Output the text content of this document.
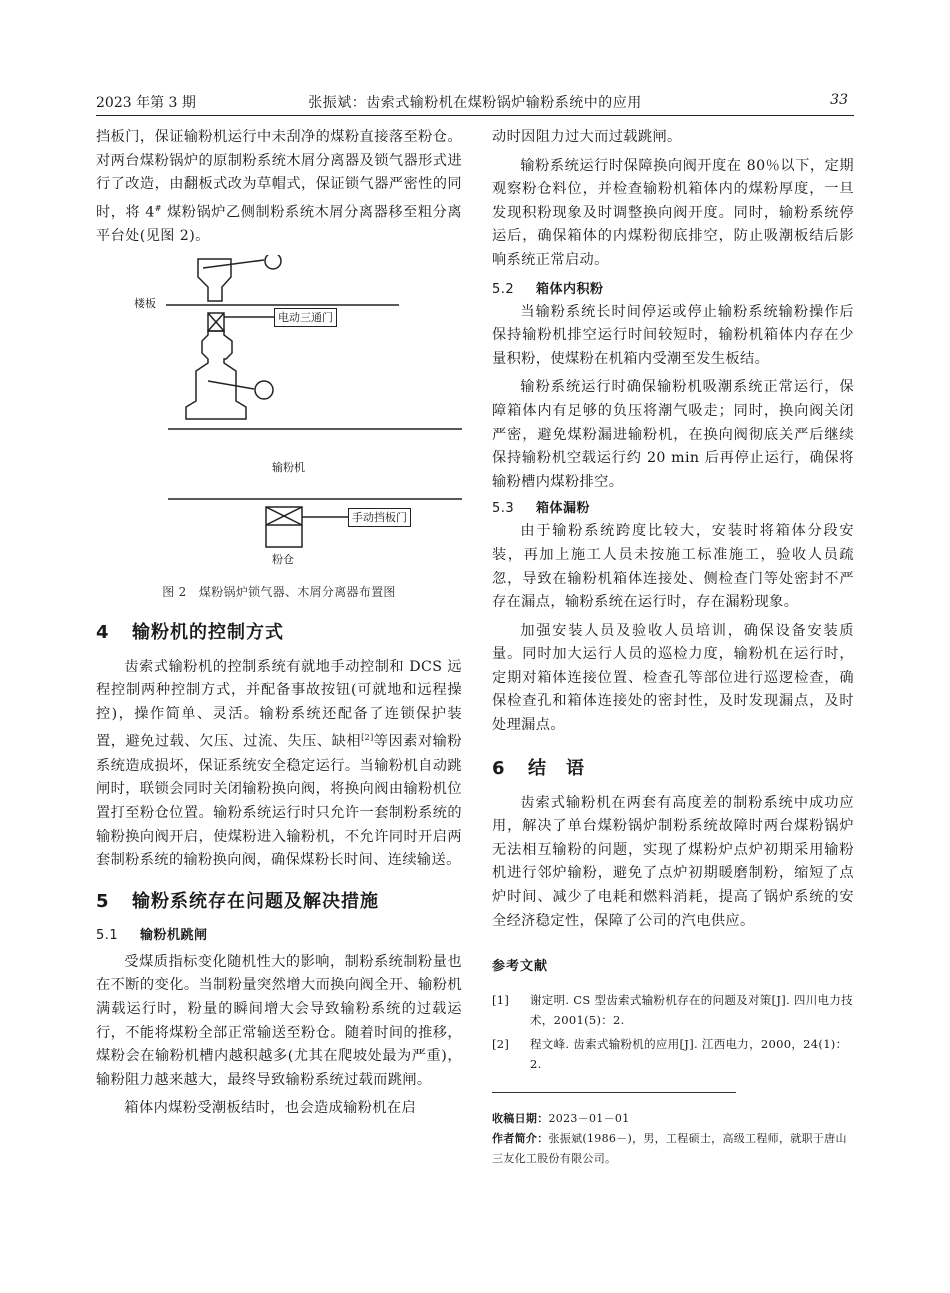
2023 年第 3 期	张振斌：齿索式输粉机在煤粉锅炉输粉系统中的应用	33

挡板门，保证输粉机运行中未刮净的煤粉直接落至粉仓。对两台煤粉锅炉的原制粉系统木屑分离器及锁气器形式进行了改造，由翻板式改为草帽式，保证锁气器严密性的同时，将 4# 煤粉锅炉乙侧制粉系统木屑分离器移至粗分离平台处(见图 2)。

楼板
电动三通门
输粉机
手动挡板门
粉仓
图 2　煤粉锅炉锁气器、木屑分离器布置图
4 输粉机的控制方式

齿索式输粉机的控制系统有就地手动控制和 DCS 远程控制两种控制方式，并配备事故按钮(可就地和远程操控)，操作简单、灵活。输粉系统还配备了连锁保护装置，避免过载、欠压、过流、失压、缺相[2]等因素对输粉系统造成损坏，保证系统安全稳定运行。当输粉机自动跳闸时，联锁会同时关闭输粉换向阀，将换向阀由输粉机位置打至粉仓位置。输粉系统运行时只允许一套制粉系统的输粉换向阀开启，使煤粉进入输粉机，不允许同时开启两套制粉系统的输粉换向阀，确保煤粉长时间、连续输送。

5 输粉系统存在问题及解决措施
5.1 输粉机跳闸

受煤质指标变化随机性大的影响，制粉系统制粉量也在不断的变化。当制粉量突然增大而换向阀全开、输粉机满载运行时，粉量的瞬间增大会导致输粉系统的过载运行，不能将煤粉全部正常输送至粉仓。随着时间的推移，煤粉会在输粉机槽内越积越多(尤其在爬坡处最为严重)，输粉阻力越来越大，最终导致输粉系统过载而跳闸。

箱体内煤粉受潮板结时，也会造成输粉机在启

动时因阻力过大而过载跳闸。

输粉系统运行时保障换向阀开度在 80％以下，定期观察粉仓料位，并检查输粉机箱体内的煤粉厚度，一旦发现积粉现象及时调整换向阀开度。同时，输粉系统停运后，确保箱体的内煤粉彻底排空，防止吸潮板结后影响系统正常启动。

5.2 箱体内积粉

当输粉系统长时间停运或停止输粉系统输粉操作后保持输粉机排空运行时间较短时，输粉机箱体内存在少量积粉，使煤粉在机箱内受潮至发生板结。

输粉系统运行时确保输粉机吸潮系统正常运行，保障箱体内有足够的负压将潮气吸走；同时，换向阀关闭严密，避免煤粉漏进输粉机，在换向阀彻底关严后继续保持输粉机空载运行约 20 min 后再停止运行，确保将输粉槽内煤粉排空。

5.3 箱体漏粉

由于输粉系统跨度比较大，安装时将箱体分段安装，再加上施工人员未按施工标准施工，验收人员疏忽，导致在输粉机箱体连接处、侧检查门等处密封不严存在漏点，输粉系统在运行时，存在漏粉现象。

加强安装人员及验收人员培训，确保设备安装质量。同时加大运行人员的巡检力度，输粉机在运行时，定期对箱体连接位置、检查孔等部位进行巡逻检查，确保检查孔和箱体连接处的密封性，及时发现漏点，及时处理漏点。

6 结　语

齿索式输粉机在两套有高度差的制粉系统中成功应用，解决了单台煤粉锅炉制粉系统故障时两台煤粉锅炉无法相互输粉的问题，实现了煤粉炉点炉初期采用输粉机进行邻炉输粉，避免了点炉初期暖磨制粉，缩短了点炉时间、减少了电耗和燃料消耗，提高了锅炉系统的安全经济稳定性，保障了公司的汽电供应。

参考文献
[1] 谢定明. CS 型齿索式输粉机存在的问题及对策[J]. 四川电力技术，2001(5)：2.
[2] 程文峰. 齿索式输粉机的应用[J]. 江西电力，2000，24(1)：2.
收稿日期：2023－01－01
作者简介：张振斌(1986－)，男，工程硕士，高级工程师，就职于唐山三友化工股份有限公司。
